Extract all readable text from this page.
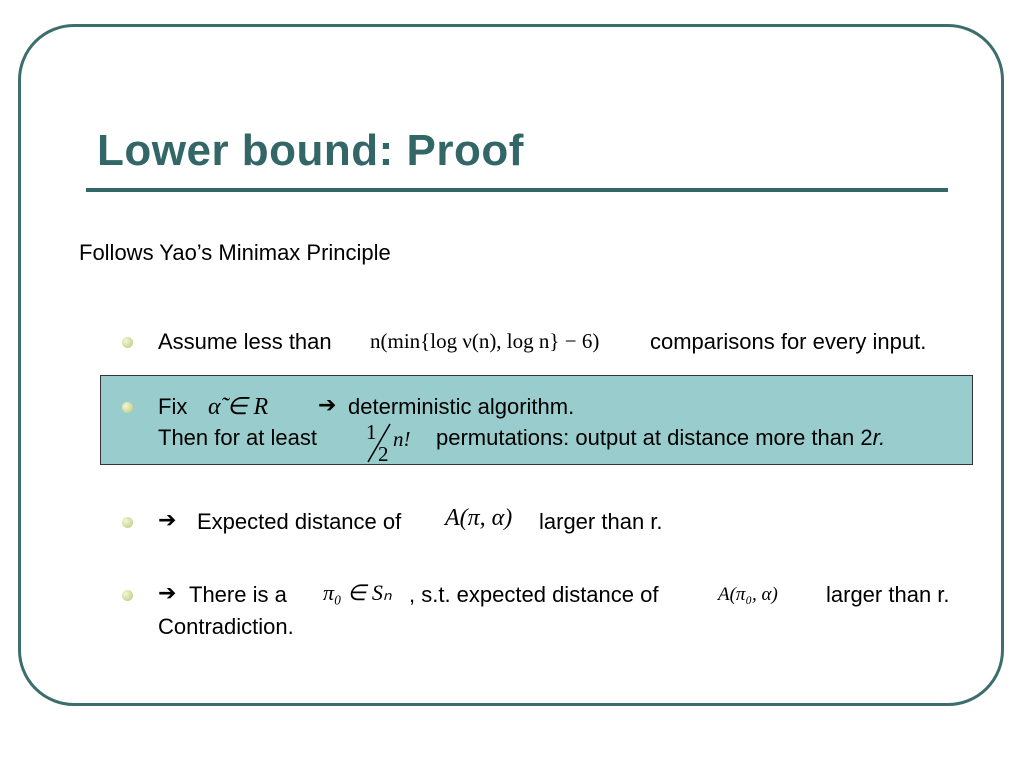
Lower bound: Proof
Follows Yao’s Minimax Principle
Assume less than n(min{log ν(n), log n} − 6) comparisons for every input.
Fix α̃ ∈ R ➔ deterministic algorithm.
Then for at least 1
2
n! permutations: output at distance more than 2r.
➔ Expected distance of A(π, α) larger than r.
➔ There is a π₀ ∈ Sₙ , s.t. expected distance of	A(π₀, α) larger than r.
Contradiction.
